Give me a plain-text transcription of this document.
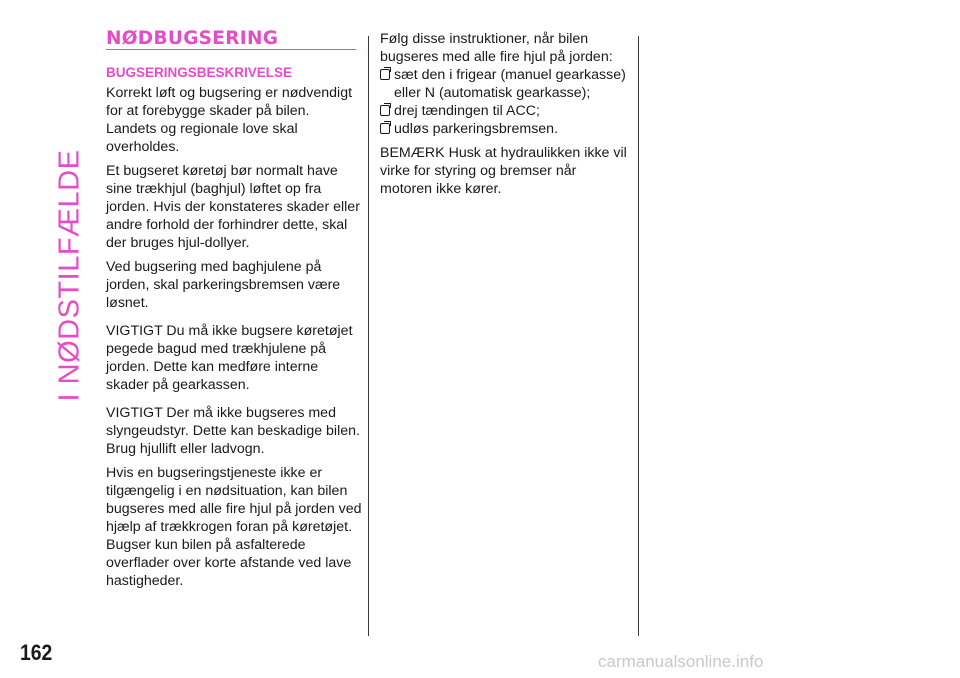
I NØDSTILFÆLDE
NØDBUGSERING
BUGSERINGSBESKRIVELSE

Korrekt løft og bugsering er nødvendigt for at forebygge skader på bilen. Landets og regionale love skal overholdes.

Et bugseret køretøj bør normalt have sine trækhjul (baghjul) løftet op fra jorden. Hvis der konstateres skader eller andre forhold der forhindrer dette, skal der bruges hjul-dollyer.

Ved bugsering med baghjulene på jorden, skal parkeringsbremsen være løsnet.

VIGTIGT Du må ikke bugsere køretøjet pegede bagud med trækhjulene på jorden. Dette kan medføre interne skader på gearkassen.

VIGTIGT Der må ikke bugseres med slyngeudstyr. Dette kan beskadige bilen. Brug hjullift eller ladvogn.

Hvis en bugseringstjeneste ikke er tilgængelig i en nødsituation, kan bilen bugseres med alle fire hjul på jorden ved hjælp af trækkrogen foran på køretøjet. Bugser kun bilen på asfalterede overflader over korte afstande ved lave hastigheder.

Følg disse instruktioner, når bilen bugseres med alle fire hjul på jorden:

sæt den i frigear (manuel gearkasse) eller N (automatisk gearkasse);
drej tændingen til ACC;
udløs parkeringsbremsen.

BEMÆRK Husk at hydraulikken ikke vil virke for styring og bremser når motoren ikke kører.

162	carmanualsonline.info
